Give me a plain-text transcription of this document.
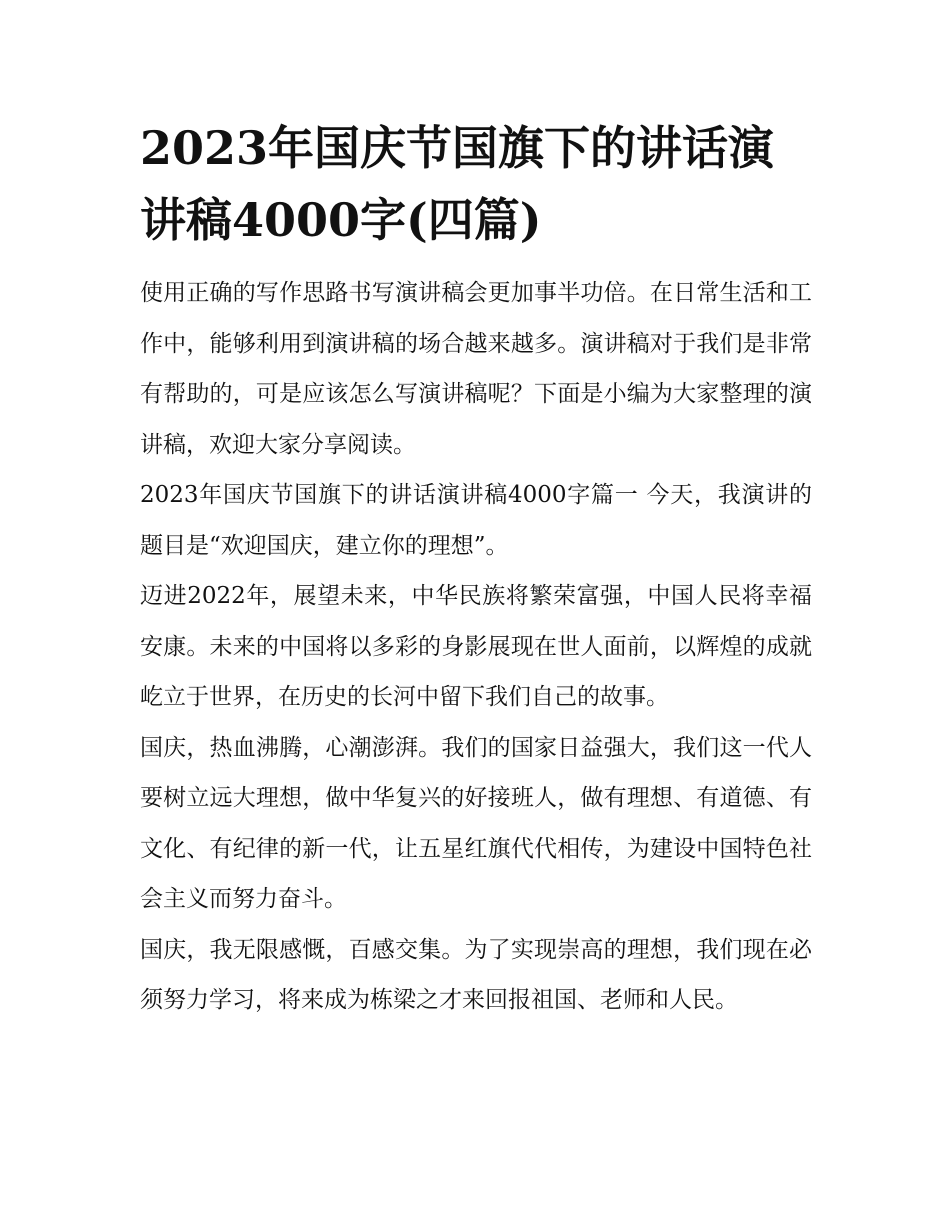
2023年国庆节国旗下的讲话演讲稿4000字(四篇)

使用正确的写作思路书写演讲稿会更加事半功倍。在日常生活和工作中，能够利用到演讲稿的场合越来越多。演讲稿对于我们是非常有帮助的，可是应该怎么写演讲稿呢？下面是小编为大家整理的演讲稿，欢迎大家分享阅读。

2023年国庆节国旗下的讲话演讲稿4000字篇一 今天，我演讲的题目是“欢迎国庆，建立你的理想”。

迈进2022年，展望未来，中华民族将繁荣富强，中国人民将幸福安康。未来的中国将以多彩的身影展现在世人面前，以辉煌的成就屹立于世界，在历史的长河中留下我们自己的故事。

国庆，热血沸腾，心潮澎湃。我们的国家日益强大，我们这一代人要树立远大理想，做中华复兴的好接班人，做有理想、有道德、有文化、有纪律的新一代，让五星红旗代代相传，为建设中国特色社会主义而努力奋斗。

国庆，我无限感慨，百感交集。为了实现崇高的理想，我们现在必须努力学习，将来成为栋梁之才来回报祖国、老师和人民。
